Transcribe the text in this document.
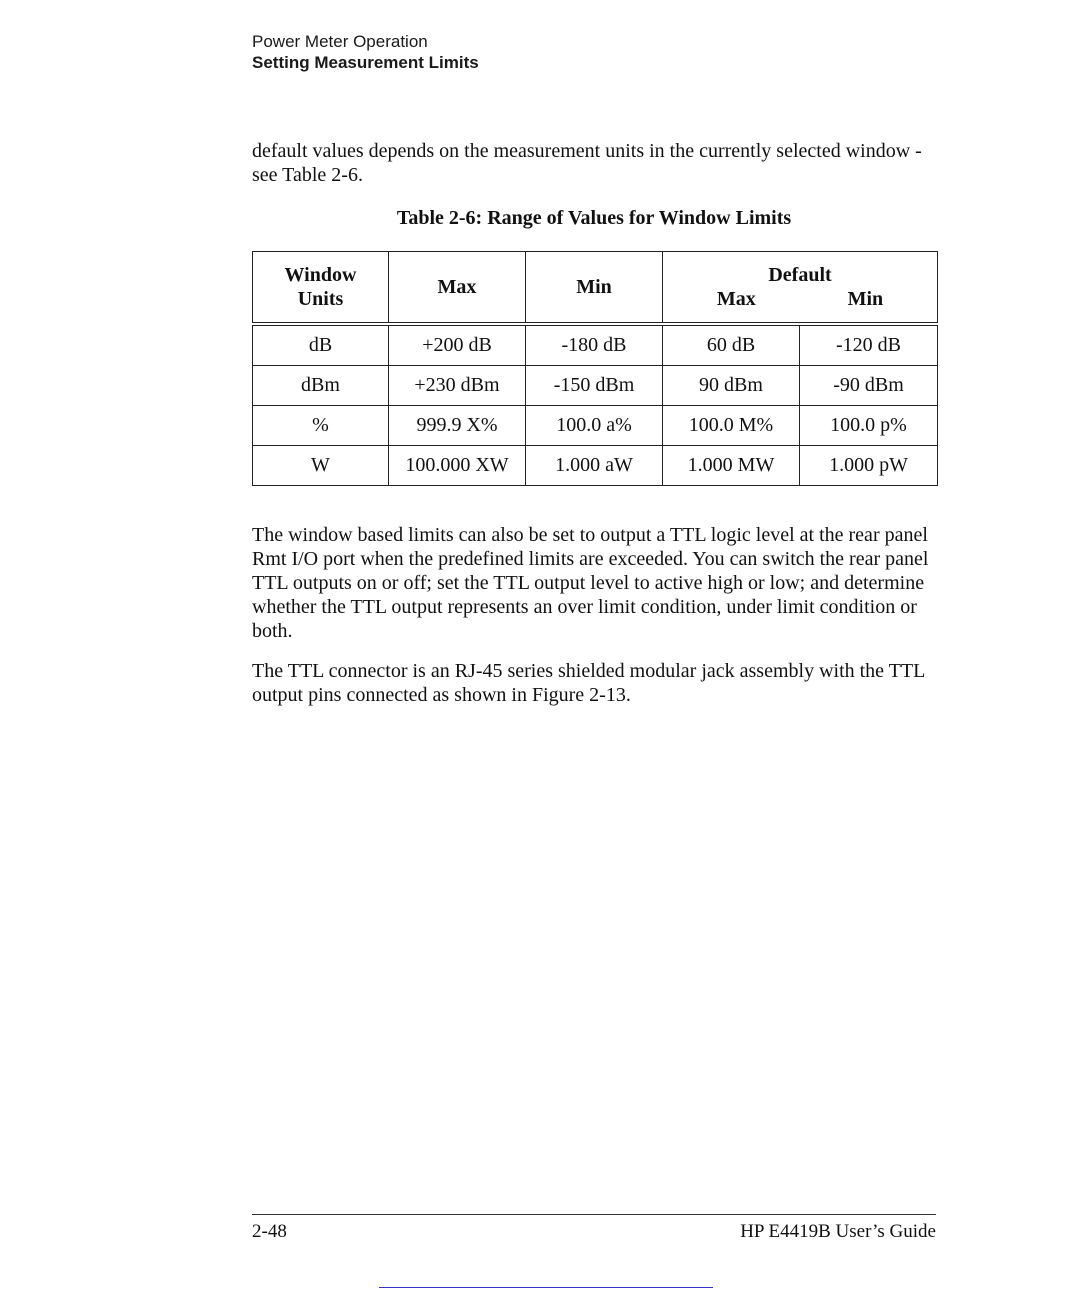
Power Meter Operation
Setting Measurement Limits

default values depends on the measurement units in the currently selected window - see Table 2-6.

Table 2-6: Range of Values for Window Limits
Window Units	Max	Min	Default
Max Min	

dB	+200 dB	-180 dB	60 dB	-120 dB
dBm	+230 dBm	-150 dBm	90 dBm	-90 dBm
%	999.9 X%	100.0 a%	100.0 M%	100.0 p%
W	100.000 XW	1.000 aW	1.000 MW	1.000 pW

The window based limits can also be set to output a TTL logic level at the rear panel Rmt I/O port when the predefined limits are exceeded. You can switch the rear panel TTL outputs on or off; set the TTL output level to active high or low; and determine whether the TTL output represents an over limit condition, under limit condition or both.

The TTL connector is an RJ-45 series shielded modular jack assembly with the TTL output pins connected as shown in Figure 2-13.

2-48	HP E4419B User’s Guide
